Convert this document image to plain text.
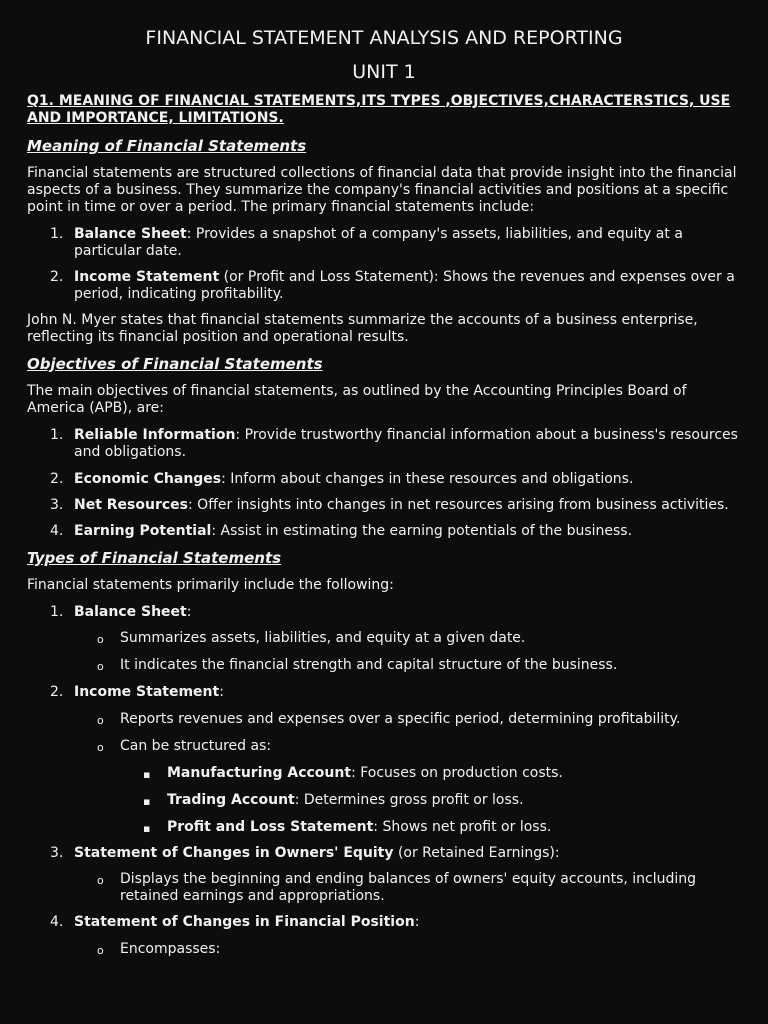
FINANCIAL STATEMENT ANALYSIS AND REPORTING
UNIT 1
Q1. MEANING OF FINANCIAL STATEMENTS,ITS TYPES ,OBJECTIVES,CHARACTERSTICS, USE AND IMPORTANCE, LIMITATIONS.
Meaning of Financial Statements

Financial statements are structured collections of financial data that provide insight into the financial aspects of a business. They summarize the company's financial activities and positions at a specific point in time or over a period. The primary financial statements include:

1. Balance Sheet: Provides a snapshot of a company's assets, liabilities, and equity at a particular date.

2. Income Statement (or Profit and Loss Statement): Shows the revenues and expenses over a period, indicating profitability.

John N. Myer states that financial statements summarize the accounts of a business enterprise, reflecting its financial position and operational results.

Objectives of Financial Statements

The main objectives of financial statements, as outlined by the Accounting Principles Board of America (APB), are:

1. Reliable Information: Provide trustworthy financial information about a business's resources and obligations.

2. Economic Changes: Inform about changes in these resources and obligations.

3. Net Resources: Offer insights into changes in net resources arising from business activities.

4. Earning Potential: Assist in estimating the earning potentials of the business.

Types of Financial Statements

Financial statements primarily include the following:

1. Balance Sheet:

o Summarizes assets, liabilities, and equity at a given date.

o It indicates the financial strength and capital structure of the business.

2. Income Statement:

o Reports revenues and expenses over a specific period, determining profitability.

o Can be structured as:

▪ Manufacturing Account: Focuses on production costs.

▪ Trading Account: Determines gross profit or loss.

▪ Profit and Loss Statement: Shows net profit or loss.

3. Statement of Changes in Owners' Equity (or Retained Earnings):

o Displays the beginning and ending balances of owners' equity accounts, including retained earnings and appropriations.

4. Statement of Changes in Financial Position:

o Encompasses:
